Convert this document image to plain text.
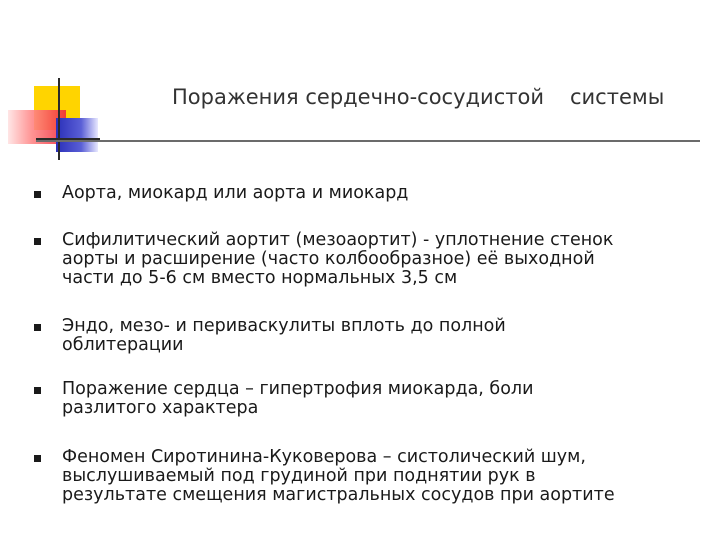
Поражения сердечно-сосудистой системы
Аорта, миокард или аорта и миокард
Сифилитический аортит (мезоаортит) - уплотнение стенок
аорты и расширение (часто колбообразное) её выходной
части до 5-6 см вместо нормальных 3,5 см
Эндо, мезо- и периваскулиты вплоть до полной
облитерации
Поражение сердца – гипертрофия миокарда, боли
разлитого характера
Феномен Сиротинина-Куковерова – систолический шум,
выслушиваемый под грудиной при поднятии рук в
результате смещения магистральных сосудов при аортите
